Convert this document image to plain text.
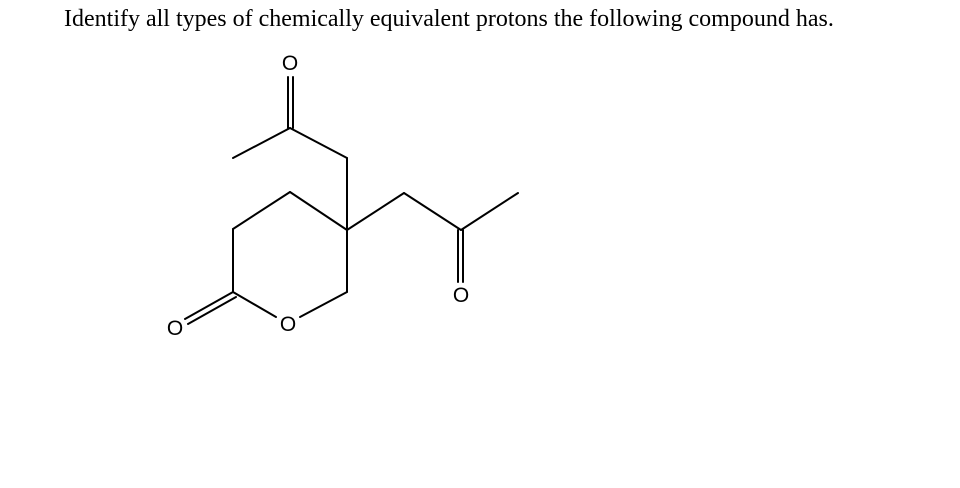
Identify all types of chemically equivalent protons the following compound has.
O
O
O
O
